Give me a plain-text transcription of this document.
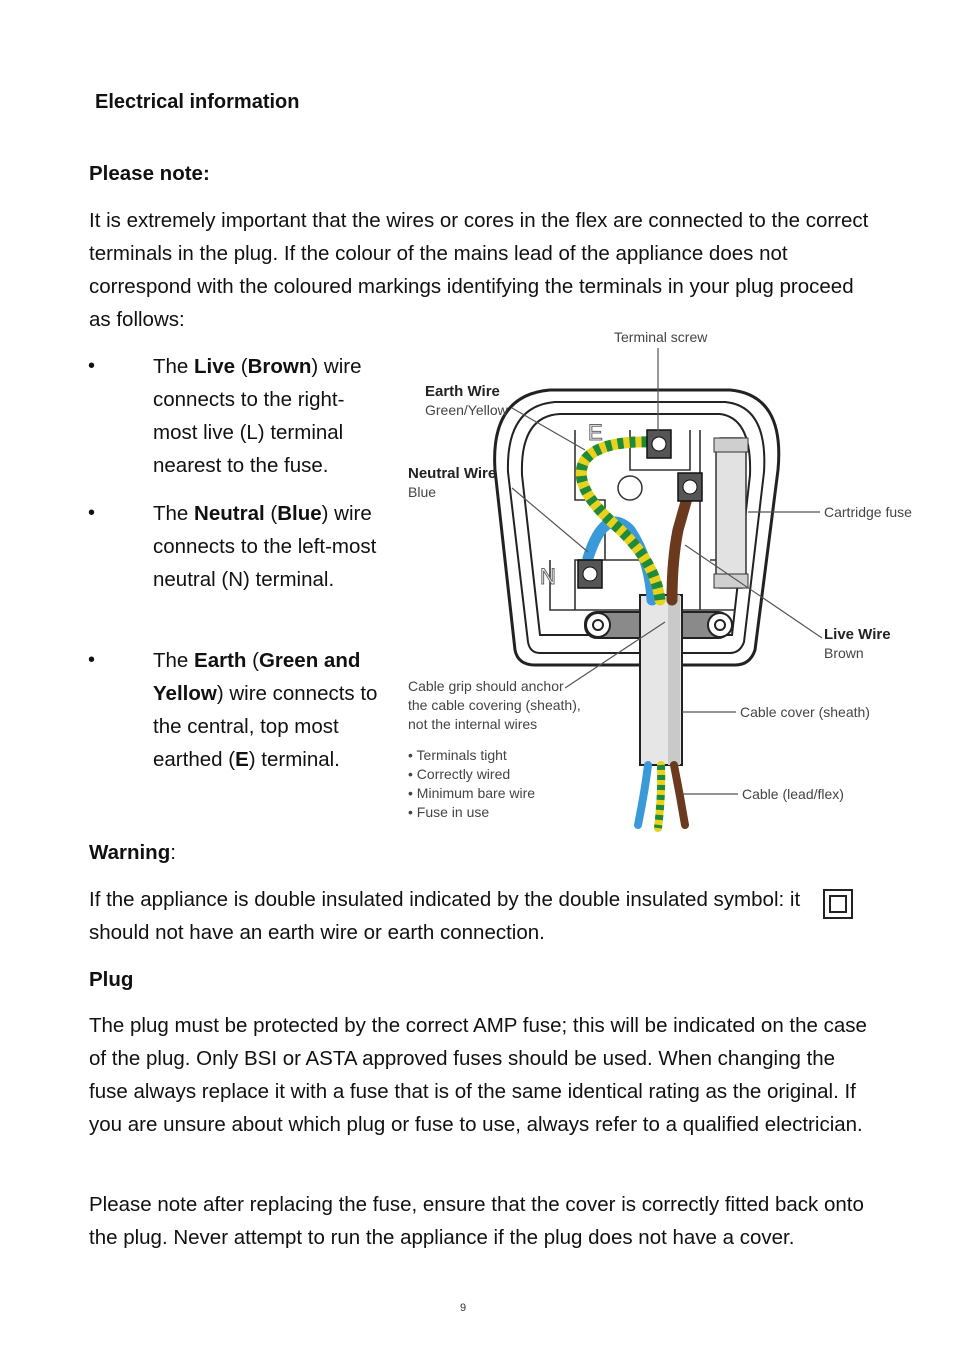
Electrical information
Please note:
It is extremely important that the wires or cores in the flex are connected to the correct terminals in the plug. If the colour of the mains lead of the appliance does not correspond with the coloured markings identifying the terminals in your plug proceed as follows:
•	The Live (Brown) wire connects to the right-most live (L) terminal nearest to the fuse.
•	The Neutral (Blue) wire connects to the left-most neutral (N) terminal.
•	The Earth (Green and Yellow) wire connects to the central, top most earthed (E) terminal.
E
N
Terminal screw
Earth Wire
Green/Yellow
Neutral Wire
Blue
Cartridge fuse
Live Wire
Brown
Cable grip should anchor
the cable covering (sheath),
not the internal wires
• Terminals tight
• Correctly wired
• Minimum bare wire
• Fuse in use
Cable cover (sheath)
Cable (lead/flex)
Warning:
If the appliance is double insulated indicated by the double insulated symbol: it should not have an earth wire or earth connection.
Plug
The plug must be protected by the correct AMP fuse; this will be indicated on the case of the plug. Only BSI or ASTA approved fuses should be used. When changing the fuse always replace it with a fuse that is of the same identical rating as the original. If you are unsure about which plug or fuse to use, always refer to a qualified electrician.
Please note after replacing the fuse, ensure that the cover is correctly fitted back onto the plug. Never attempt to run the appliance if the plug does not have a cover.
9
